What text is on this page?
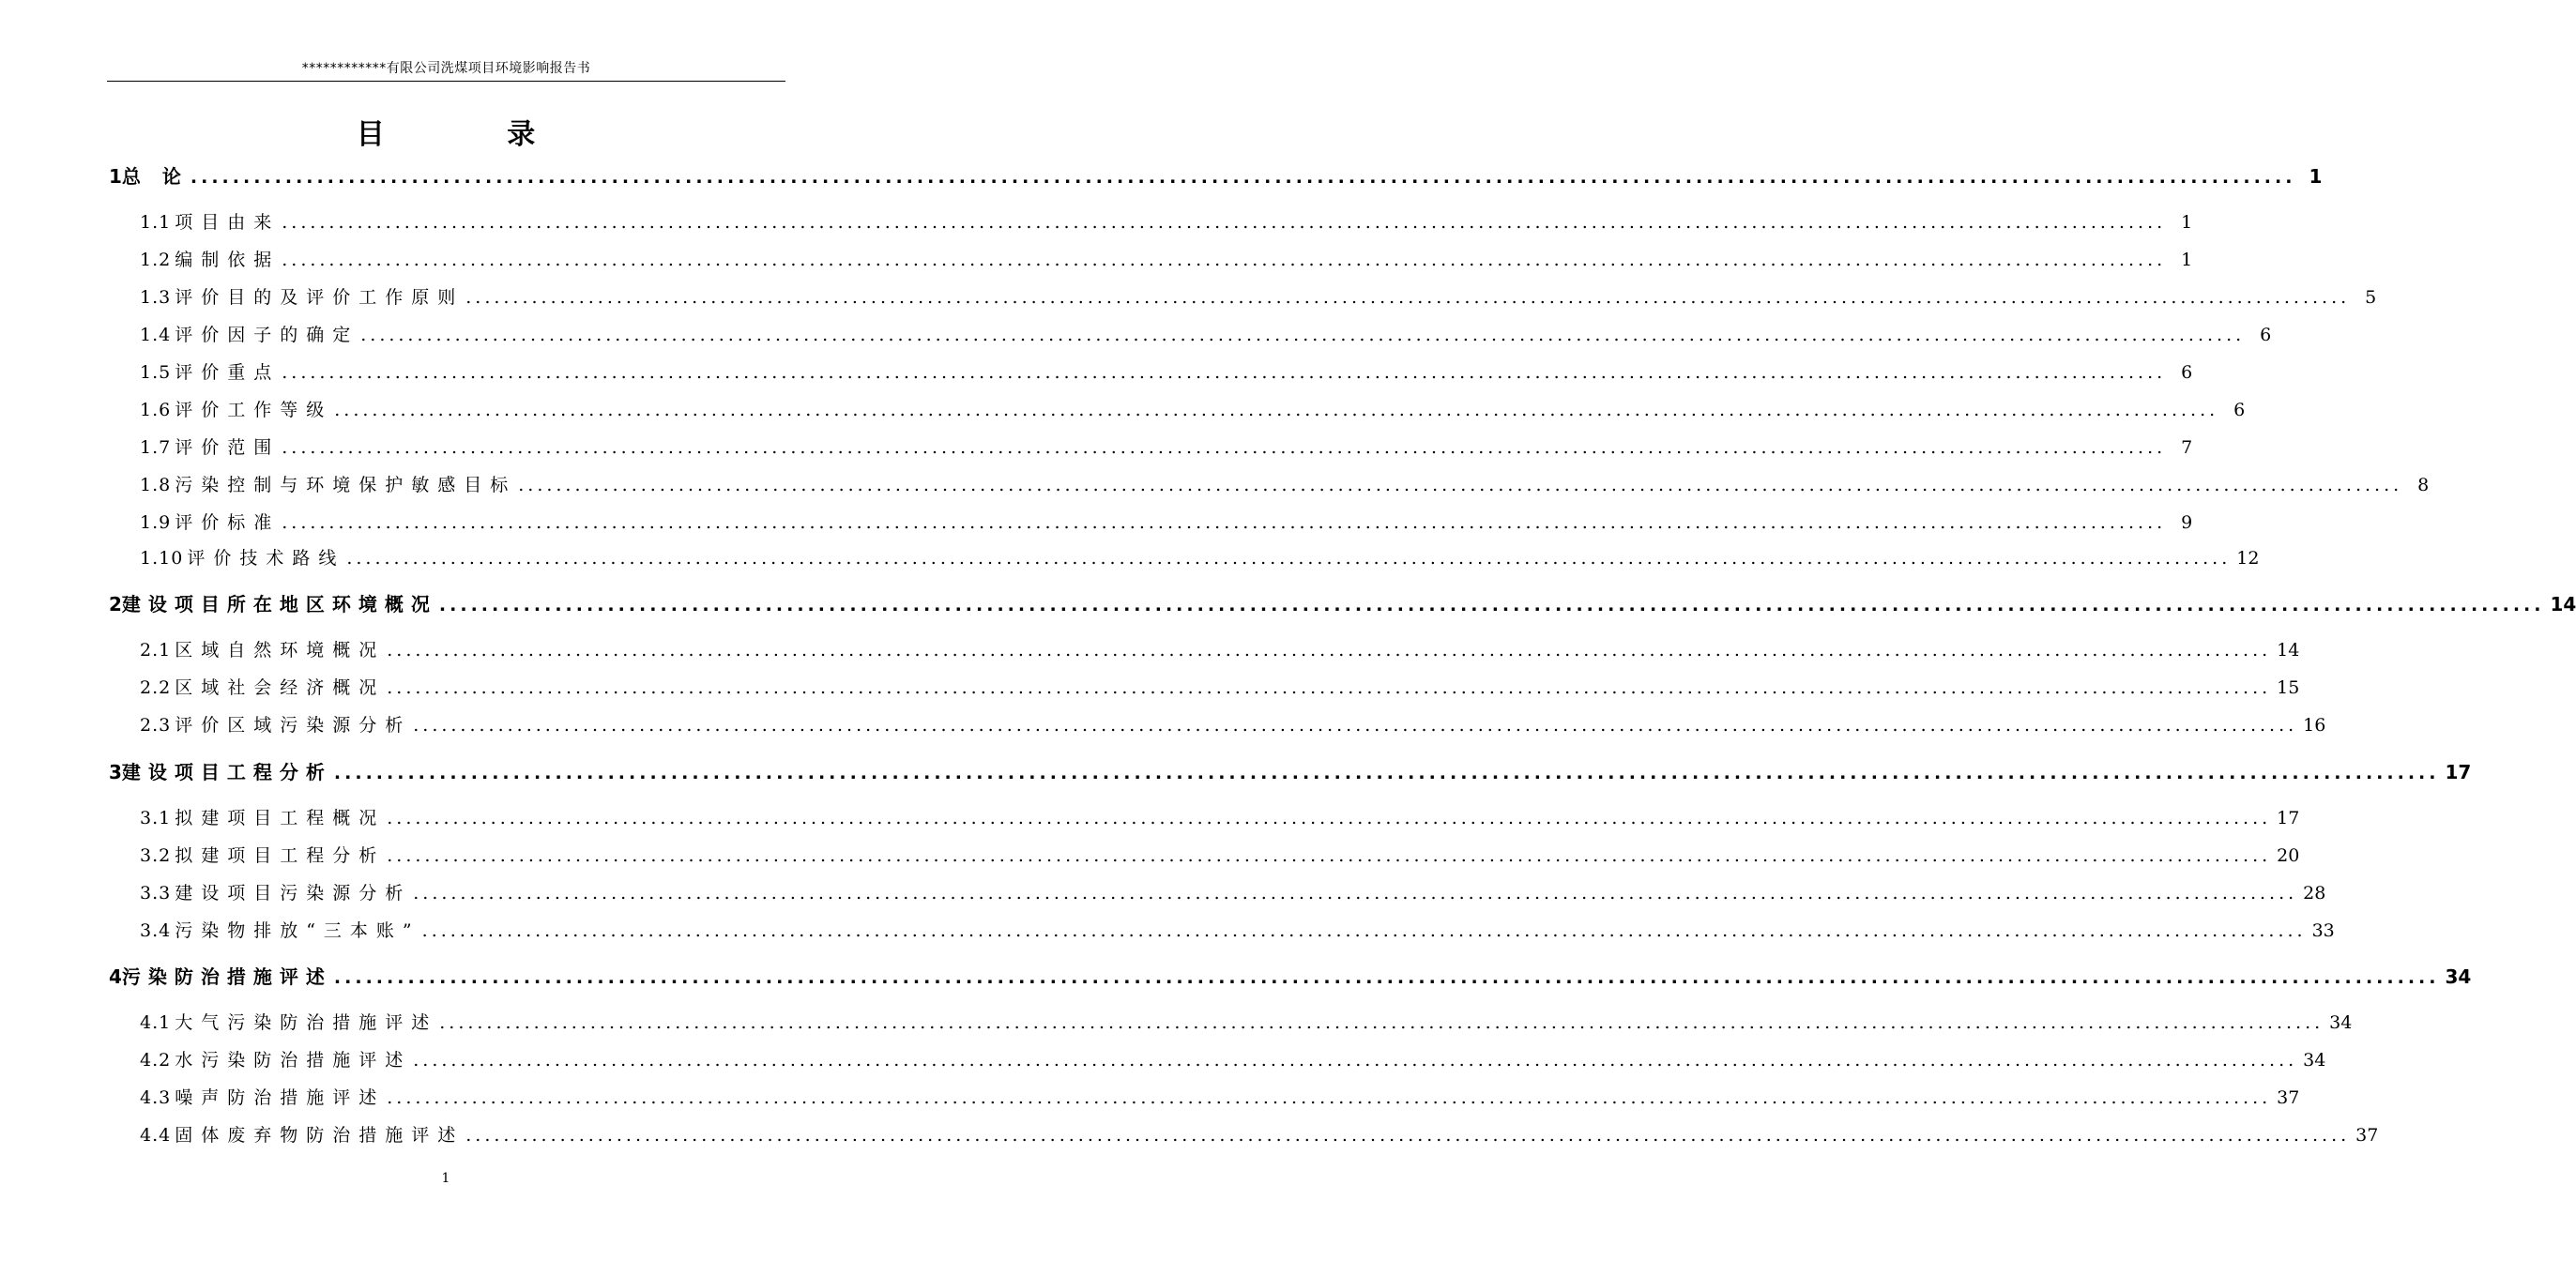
************有限公司洗煤项目环境影响报告书
目 录
1 总 论 ........................................................................................................................................................................................................ 1
1.1 项目由来 ........................................................................................................................................................................................................ 1
1.2 编制依据 ........................................................................................................................................................................................................ 1
1.3 评价目的及评价工作原则 ........................................................................................................................................................................................................ 5
1.4 评价因子的确定 ........................................................................................................................................................................................................ 6
1.5 评价重点 ........................................................................................................................................................................................................ 6
1.6 评价工作等级 ........................................................................................................................................................................................................ 6
1.7 评价范围 ........................................................................................................................................................................................................ 7
1.8 污染控制与环境保护敏感目标 ........................................................................................................................................................................................................ 8
1.9 评价标准 ........................................................................................................................................................................................................ 9
1.10 评价技术路线 ........................................................................................................................................................................................................ 12
2 建设项目所在地区环境概况 ........................................................................................................................................................................................................ 14
2.1 区域自然环境概况 ........................................................................................................................................................................................................ 14
2.2 区域社会经济概况 ........................................................................................................................................................................................................ 15
2.3 评价区域污染源分析 ........................................................................................................................................................................................................ 16
3 建设项目工程分析 ........................................................................................................................................................................................................ 17
3.1 拟建项目工程概况 ........................................................................................................................................................................................................ 17
3.2 拟建项目工程分析 ........................................................................................................................................................................................................ 20
3.3 建设项目污染源分析 ........................................................................................................................................................................................................ 28
3.4 污染物排放“三本账” ........................................................................................................................................................................................................ 33
4 污染防治措施评述 ........................................................................................................................................................................................................ 34
4.1 大气污染防治措施评述 ........................................................................................................................................................................................................ 34
4.2 水污染防治措施评述 ........................................................................................................................................................................................................ 34
4.3 噪声防治措施评述 ........................................................................................................................................................................................................ 37
4.4 固体废弃物防治措施评述 ........................................................................................................................................................................................................ 37
1
